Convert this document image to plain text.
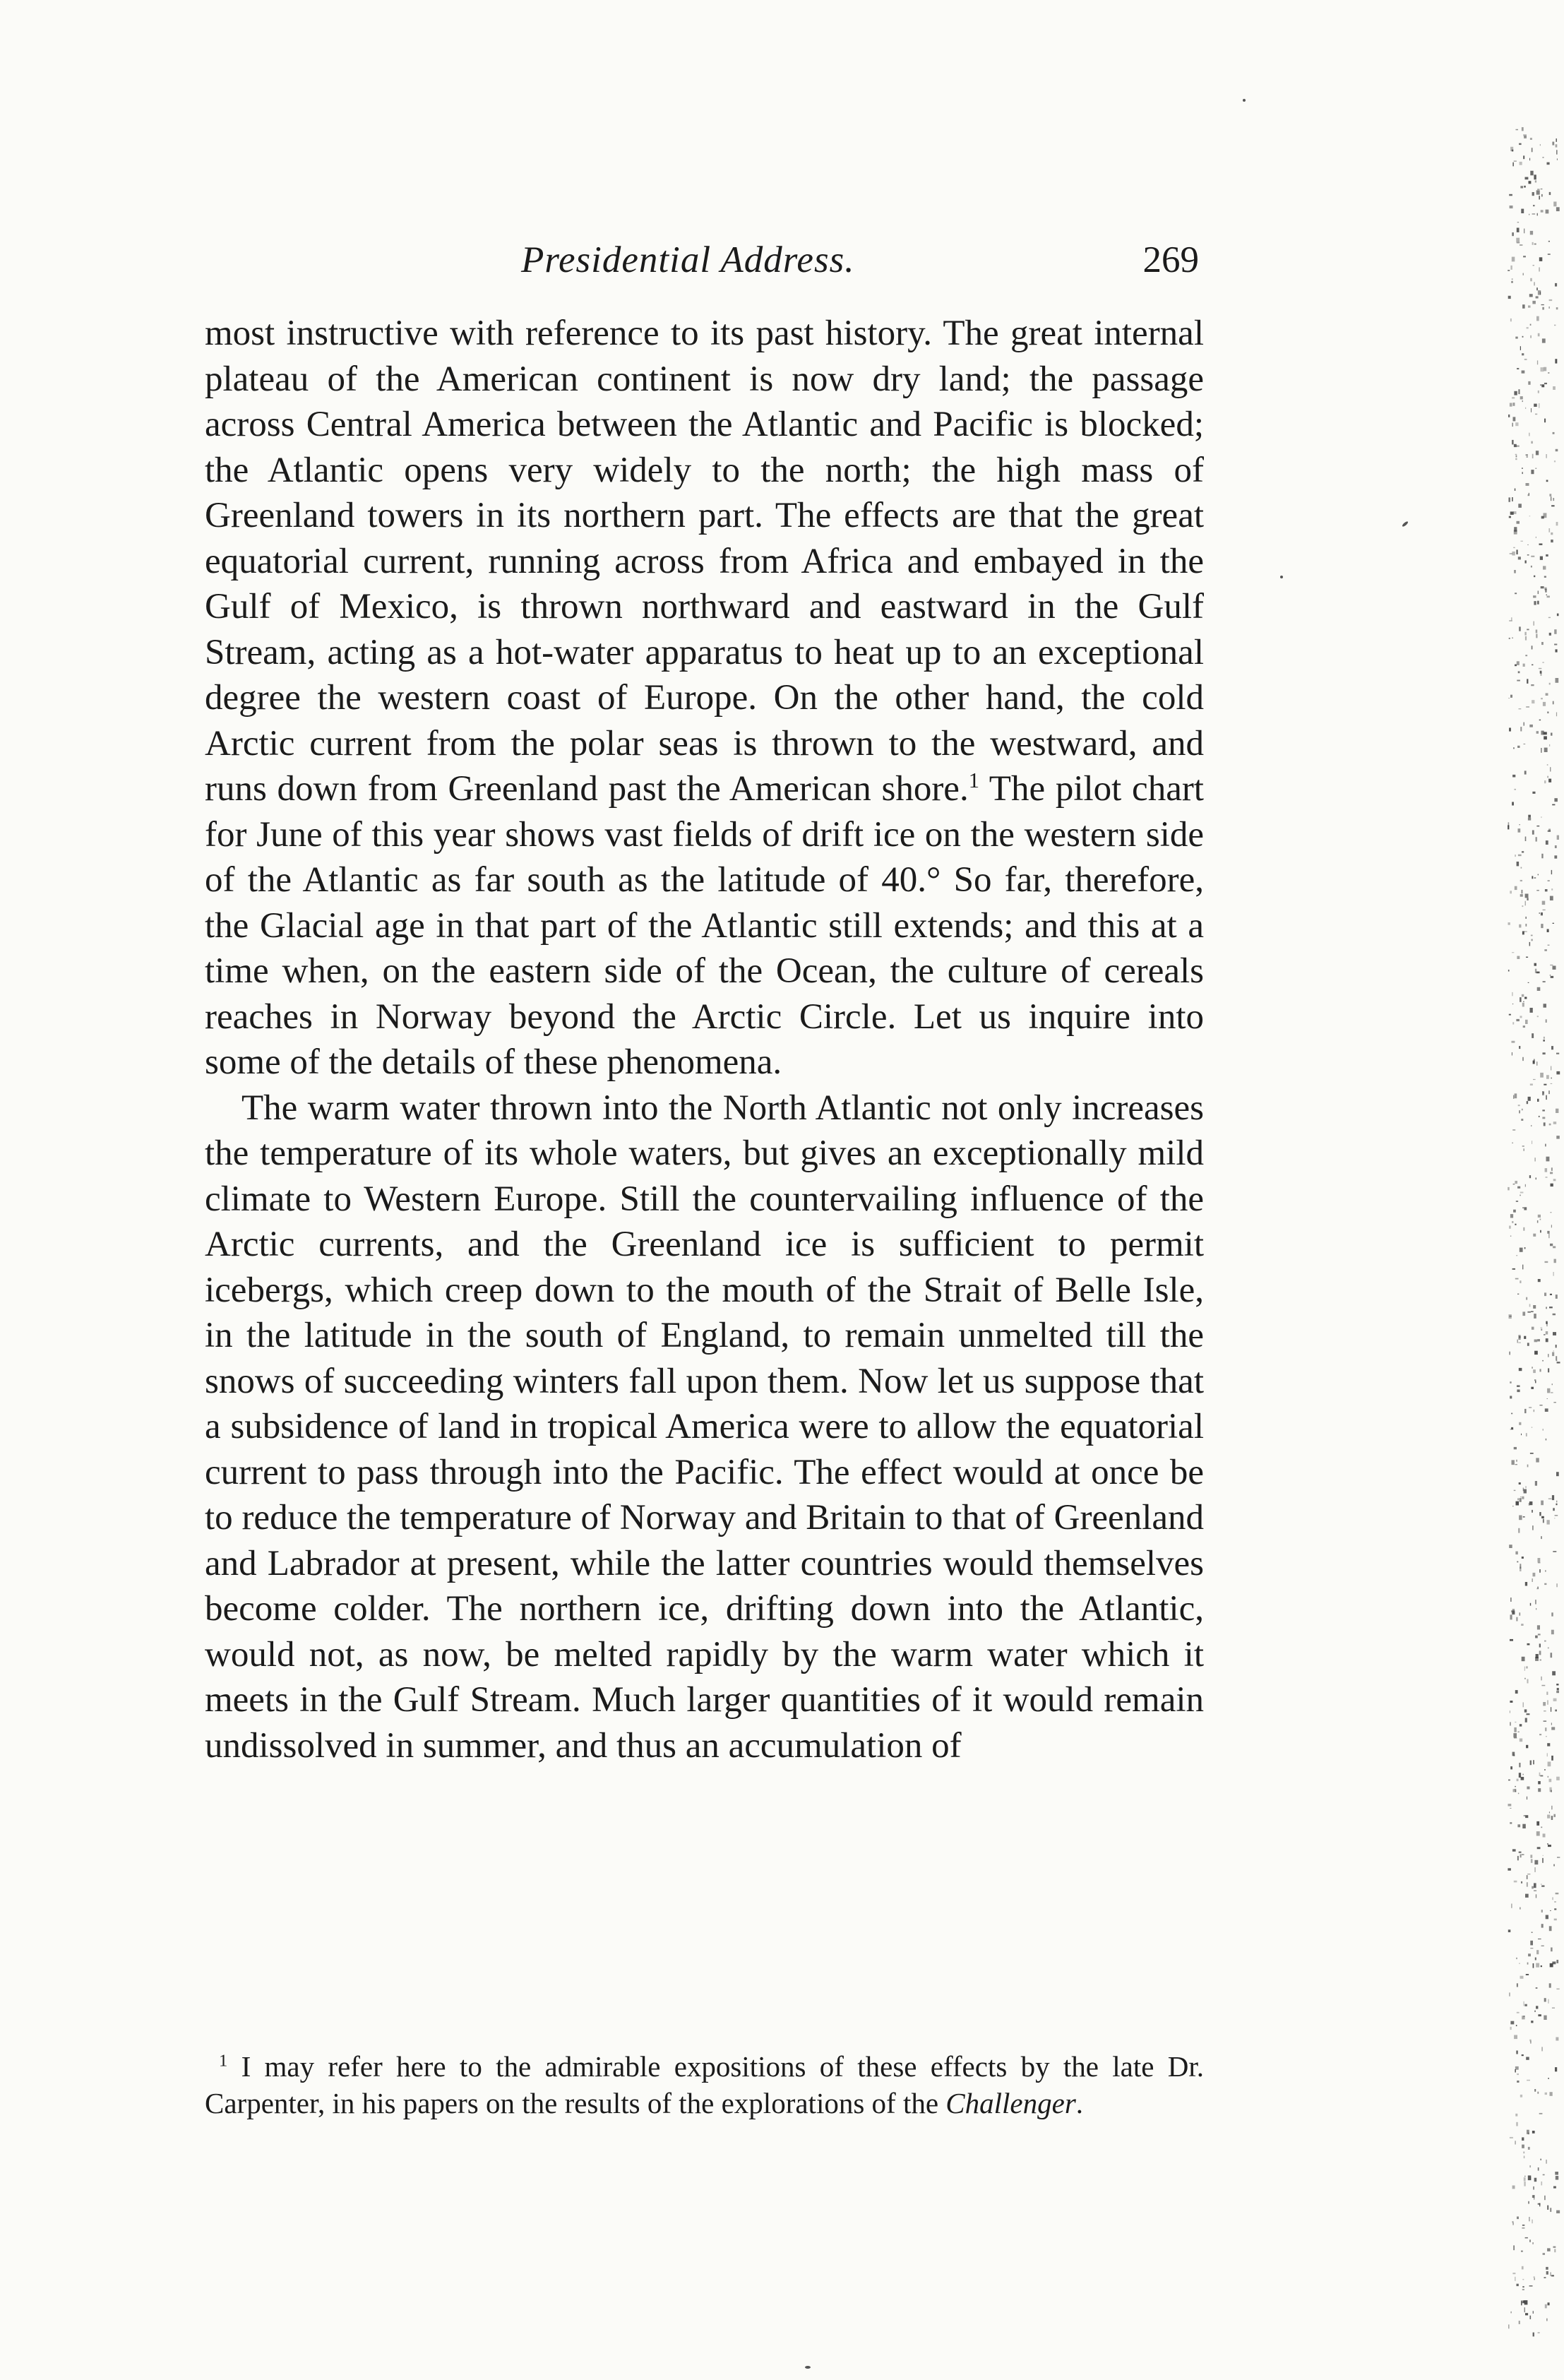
Presidential Address.	269

most instructive with reference to its past history. The great internal plateau of the American continent is now dry land; the passage across Central America between the Atlantic and Pacific is blocked; the Atlantic opens very widely to the north; the high mass of Greenland towers in its northern part. The effects are that the great equatorial current, running across from Africa and embayed in the Gulf of Mexico, is thrown northward and eastward in the Gulf Stream, acting as a hot-water apparatus to heat up to an exceptional degree the western coast of Europe. On the other hand, the cold Arctic current from the polar seas is thrown to the westward, and runs down from Greenland past the American shore.$^1$ The pilot chart for June of this year shows vast fields of drift ice on the western side of the Atlantic as far south as the latitude of 40.° So far, therefore, the Glacial age in that part of the Atlantic still extends; and this at a time when, on the eastern side of the Ocean, the culture of cereals reaches in Norway beyond the Arctic Circle. Let us inquire into some of the details of these phenomena.

The warm water thrown into the North Atlantic not only increases the temperature of its whole waters, but gives an exceptionally mild climate to Western Europe. Still the countervailing influence of the Arctic currents, and the Greenland ice is sufficient to permit icebergs, which creep down to the mouth of the Strait of Belle Isle, in the latitude in the south of England, to remain unmelted till the snows of succeeding winters fall upon them. Now let us suppose that a subsidence of land in tropical America were to allow the equatorial current to pass through into the Pacific. The effect would at once be to reduce the temperature of Norway and Britain to that of Greenland and Labrador at present, while the latter countries would themselves become colder. The northern ice, drifting down into the Atlantic, would not, as now, be melted rapidly by the warm water which it meets in the Gulf Stream. Much larger quantities of it would remain undissolved in summer, and thus an accumulation of

$^1$ I may refer here to the admirable expositions of these effects by the late Dr. Carpenter, in his papers on the results of the explorations of the Challenger.
